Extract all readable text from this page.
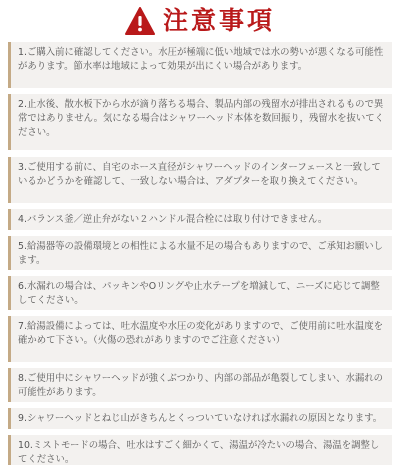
注意事項
1.ご購入前に確認してください。水圧が極端に低い地域では水の勢いが悪くなる可能性があります。節水率は地域によって効果が出にくい場合があります。
2.止水後、散水板下から水が滴り落ちる場合、製品内部の残留水が排出されるもので異常ではありません。気になる場合はシャワーヘッド本体を数回振り，残留水を抜いてください。
3.ご使用する前に、自宅のホース直径がシャワーヘッドのインターフェースと一致しているかどうかを確認して、一致しない場合は、アダプターを取り換えてください。
4.バランス釜／逆止弁がない２ハンドル混合栓には取り付けできません。
5.給湯器等の設備環境との相性による水量不足の場合もありますので、ご承知お願いします。
6.水漏れの場合は、パッキンやOリングや止水テープを増減して、ニーズに応じて調整してください。
7.給湯設備によっては、吐水温度や水圧の変化がありますので、ご使用前に吐水温度を確かめて下さい。（火傷の恐れがありますのでご注意ください）
8.ご使用中にシャワーヘッドが強くぶつかり、内部の部品が亀裂してしまい、水漏れの可能性があります。
9.シャワーヘッドとねじ山がきちんとくっついていなければ水漏れの原因となります。
10.ミストモードの場合、吐水はすごく細かくて、湯温が冷たいの場合、湯温を調整してください。
